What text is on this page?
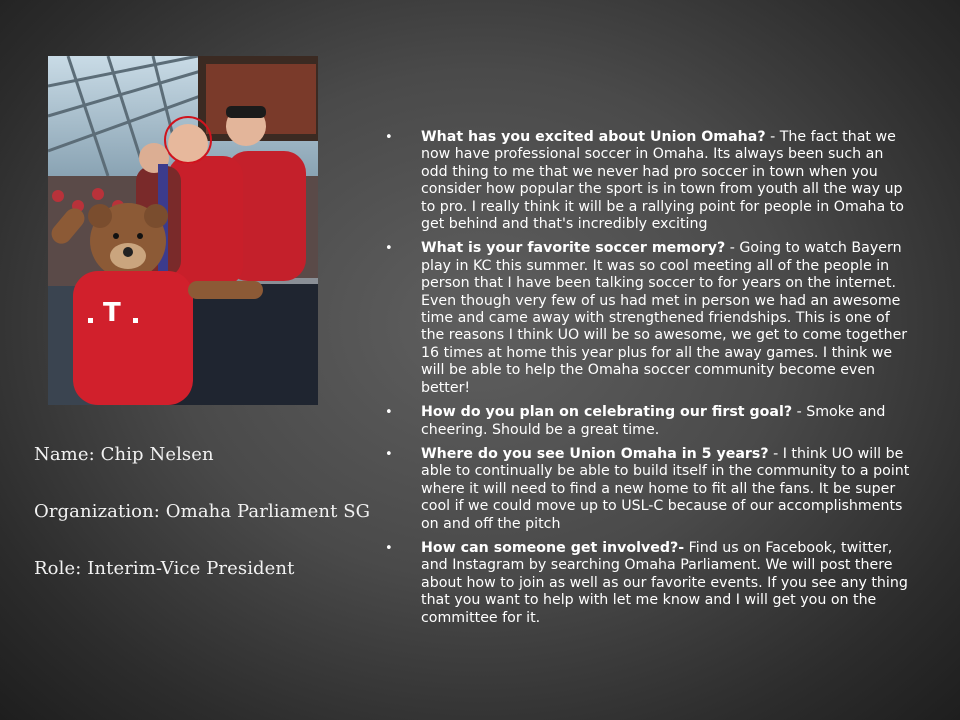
T
Name: Chip Nelsen
Organization: Omaha Parliament SG
Role: Interim-Vice President
• What has you excited about Union Omaha? - The fact that we now have professional soccer in Omaha. Its always been such an odd thing to me that we never had pro soccer in town when you consider how popular the sport is in town from youth all the way up to pro. I really think it will be a rallying point for people in Omaha to get behind and that's incredibly exciting
• What is your favorite soccer memory? - Going to watch Bayern play in KC this summer. It was so cool meeting all of the people in person that I have been talking soccer to for years on the internet. Even though very few of us had met in person we had an awesome time and came away with strengthened friendships. This is one of the reasons I think UO will be so awesome, we get to come together 16 times at home this year plus for all the away games. I think we will be able to help the Omaha soccer community become even better!
• How do you plan on celebrating our first goal? - Smoke and cheering. Should be a great time.
• Where do you see Union Omaha in 5 years? - I think UO will be able to continually be able to build itself in the community to a point where it will need to find a new home to fit all the fans. It be super cool if we could move up to USL-C because of our accomplishments on and off the pitch
• How can someone get involved?- Find us on Facebook, twitter, and Instagram by searching Omaha Parliament. We will post there about how to join as well as our favorite events. If you see any thing that you want to help with let me know and I will get you on the committee for it.
